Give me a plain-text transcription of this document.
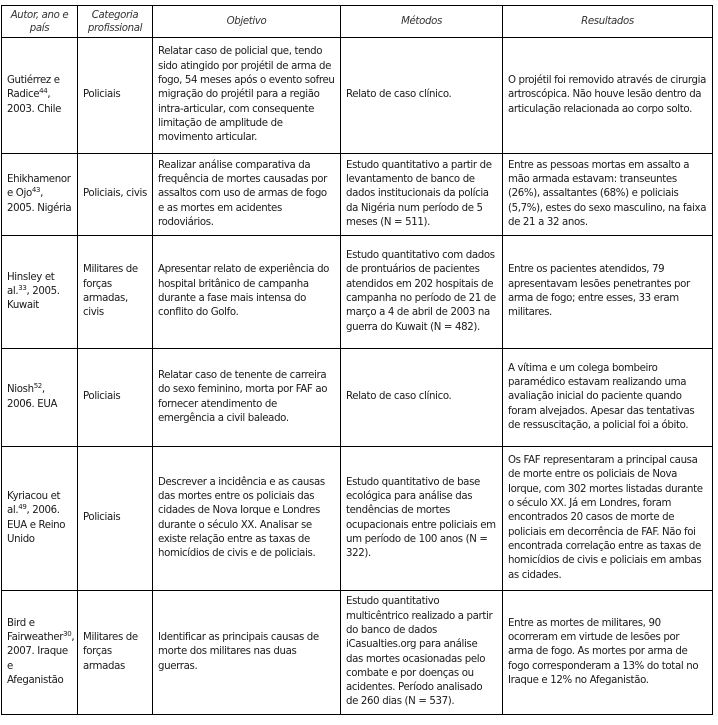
Autor, ano e país	Categoria profissional	Objetivo	Métodos	Resultados
Gutiérrez e Radice$^{44}$, 2003. Chile	Policiais	Relatar caso de policial que, tendo sido atingido por projétil de arma de fogo, 54 meses após o evento sofreu migração do projétil para a região intra-articular, com consequente limitação de amplitude de movimento articular.	Relato de caso clínico.	O projétil foi removido através de cirurgia artroscópica. Não houve lesão dentro da articulação relacionada ao corpo solto.
Ehikhamenor e Ojo$^{43}$, 2005. Nigéria	Policiais, civis	Realizar análise comparativa da frequência de mortes causadas por assaltos com uso de armas de fogo e as mortes em acidentes rodoviários.	Estudo quantitativo a partir de levantamento de banco de dados institucionais da polícia da Nigéria num período de 5 meses (N = 511).	Entre as pessoas mortas em assalto a mão armada estavam: transeuntes (26%), assaltantes (68%) e policiais (5,7%), estes do sexo masculino, na faixa de 21 a 32 anos.
Hinsley et al.$^{33}$, 2005. Kuwait	Militares de forças armadas, civis	Apresentar relato de experiência do hospital britânico de campanha durante a fase mais intensa do conflito do Golfo.	Estudo quantitativo com dados de prontuários de pacientes atendidos em 202 hospitais de campanha no período de 21 de março a 4 de abril de 2003 na guerra do Kuwait (N = 482).	Entre os pacientes atendidos, 79 apresentavam lesões penetrantes por arma de fogo; entre esses, 33 eram militares.
Niosh$^{52}$, 2006. EUA	Policiais	Relatar caso de tenente de carreira do sexo feminino, morta por FAF ao fornecer atendimento de emergência a civil baleado.	Relato de caso clínico.	A vítima e um colega bombeiro paramédico estavam realizando uma avaliação inicial do paciente quando foram alvejados. Apesar das tentativas de ressuscitação, a policial foi a óbito.
Kyriacou et al.$^{49}$, 2006. EUA e Reino Unido	Policiais	Descrever a incidência e as causas das mortes entre os policiais das cidades de Nova Iorque e Londres durante o século XX. Analisar se existe relação entre as taxas de homicídios de civis e de policiais.	Estudo quantitativo de base ecológica para análise das tendências de mortes ocupacionais entre policiais em um período de 100 anos (N = 322).	Os FAF representaram a principal causa de morte entre os policiais de Nova Iorque, com 302 mortes listadas durante o século XX. Já em Londres, foram encontrados 20 casos de morte de policiais em decorrência de FAF. Não foi encontrada correlação entre as taxas de homicídios de civis e policiais em ambas as cidades.
Bird e Fairweather$^{30}$, 2007. Iraque e Afeganistão	Militares de forças armadas	Identificar as principais causas de morte dos militares nas duas guerras.	Estudo quantitativo multicêntrico realizado a partir do banco de dados iCasualties.org para análise das mortes ocasionadas pelo combate e por doenças ou acidentes. Período analisado de 260 dias (N = 537).	Entre as mortes de militares, 90 ocorreram em virtude de lesões por arma de fogo. As mortes por arma de fogo corresponderam a 13% do total no Iraque e 12% no Afeganistão.
